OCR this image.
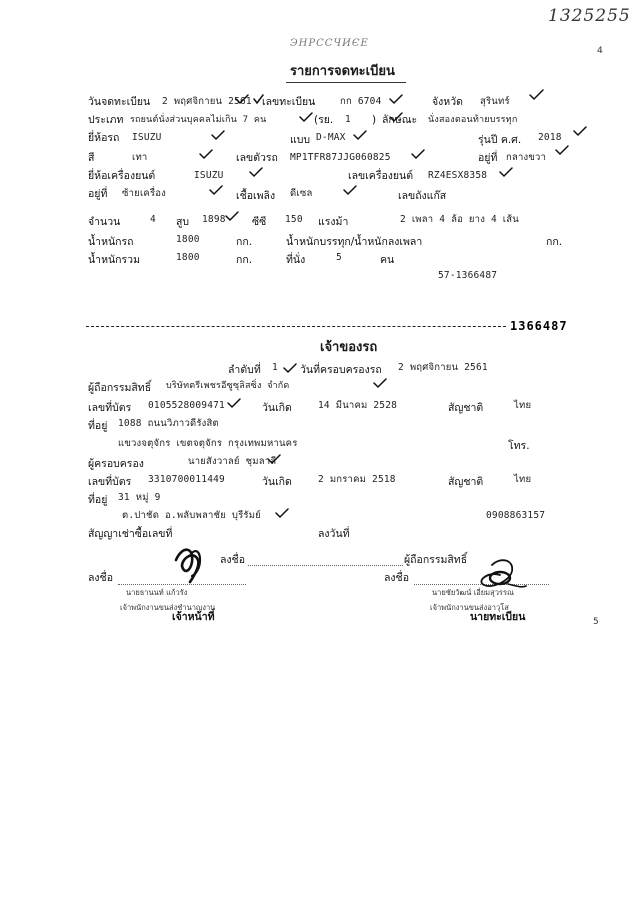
1325255
4
ЭНРССЧИЄЕ
รายการจดทะเบียน
วันจดทะเบียน 2 พฤศจิกายน 2561 เลขทะเบียน	กก 6704	จังหวัด สุรินทร์
ประเภท รถยนต์นั่งส่วนบุคคลไม่เกิน 7 คน	(รย. 1 ) ลักษณะ นั่งสองตอนท้ายบรรทุก
ยี่ห้อรถ ISUZU	แบบ D-MAX	รุ่นปี ค.ศ. 2018
สี	เทา	เลขตัวรถ MP1TFR87JJG060825	อยู่ที่ กลางขวา
ยี่ห้อเครื่องยนต์	ISUZU	เลขเครื่องยนต์ RZ4ESX8358
อยู่ที่ ซ้ายเครื่อง	เชื้อเพลิง ดีเซล	เลขถังแก๊ส
จำนวน	4 สูบ 1898	ซีซี 150 แรงม้า	2 เพลา 4 ล้อ ยาง 4 เส้น
น้ำหนักรถ	1800	กก.	น้ำหนักบรรทุก/น้ำหนักลงเพลา	กก.
น้ำหนักรวม	1800	กก.	ที่นั่ง	5	คน
57-1366487
1366487
เจ้าของรถ
ลำดับที่ 1 วันที่ครอบครองรถ 2 พฤศจิกายน 2561
ผู้ถือกรรมสิทธิ์ บริษัทตรีเพชรอีซูซุลิสซิ่ง จำกัด
เลขที่บัตร 0105528009471	วันเกิด	14 มีนาคม 2528	สัญชาติ	ไทย
ที่อยู่ 1088 ถนนวิภาวดีรังสิต
แขวงจตุจักร เขตจตุจักร กรุงเทพมหานคร	โทร.
ผู้ครอบครอง	นายสังวาลย์ ชุมลาลี
เลขที่บัตร 3310700011449	วันเกิด	2 มกราคม 2518	สัญชาติ	ไทย
ที่อยู่ 31 หมู่ 9
ต.ปาชัด อ.พลับพลาชัย บุรีรัมย์	0908863157
สัญญาเช่าซื้อเลขที่	ลงวันที่
ลงชื่อ	ผู้ถือกรรมสิทธิ์
ลงชื่อ
นายธานนท์ แก้วรัง
เจ้าพนักงานขนส่งชำนาญงาน
เจ้าหน้าที่
ลงชื่อ
นายชัยวัฒน์ เอี่ยมสุวรรณ
เจ้าพนักงานขนส่งอาวุโส
นายทะเบียน	5
